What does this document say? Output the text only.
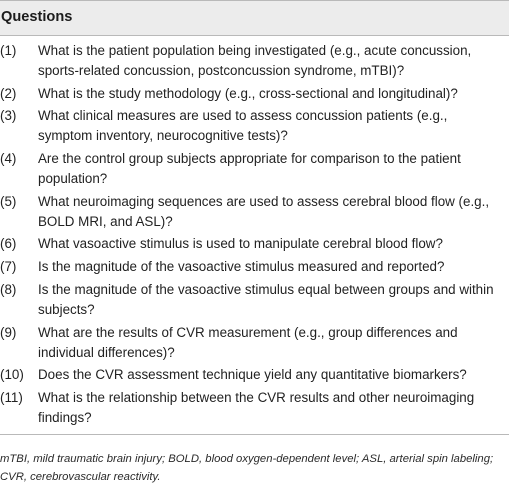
Questions
(1)	What is the patient population being investigated (e.g., acute concussion, sports-related concussion, postconcussion syndrome, mTBI)?
(2)	What is the study methodology (e.g., cross-sectional and longitudinal)?
(3)	What clinical measures are used to assess concussion patients (e.g., symptom inventory, neurocognitive tests)?
(4)	Are the control group subjects appropriate for comparison to the patient population?
(5)	What neuroimaging sequences are used to assess cerebral blood flow (e.g., BOLD MRI, and ASL)?
(6)	What vasoactive stimulus is used to manipulate cerebral blood flow?
(7)	Is the magnitude of the vasoactive stimulus measured and reported?
(8)	Is the magnitude of the vasoactive stimulus equal between groups and within subjects?
(9)	What are the results of CVR measurement (e.g., group differences and individual differences)?
(10)	Does the CVR assessment technique yield any quantitative biomarkers?
(11)	What is the relationship between the CVR results and other neuroimaging findings?
mTBI, mild traumatic brain injury; BOLD, blood oxygen-dependent level; ASL, arterial spin labeling; CVR, cerebrovascular reactivity.
